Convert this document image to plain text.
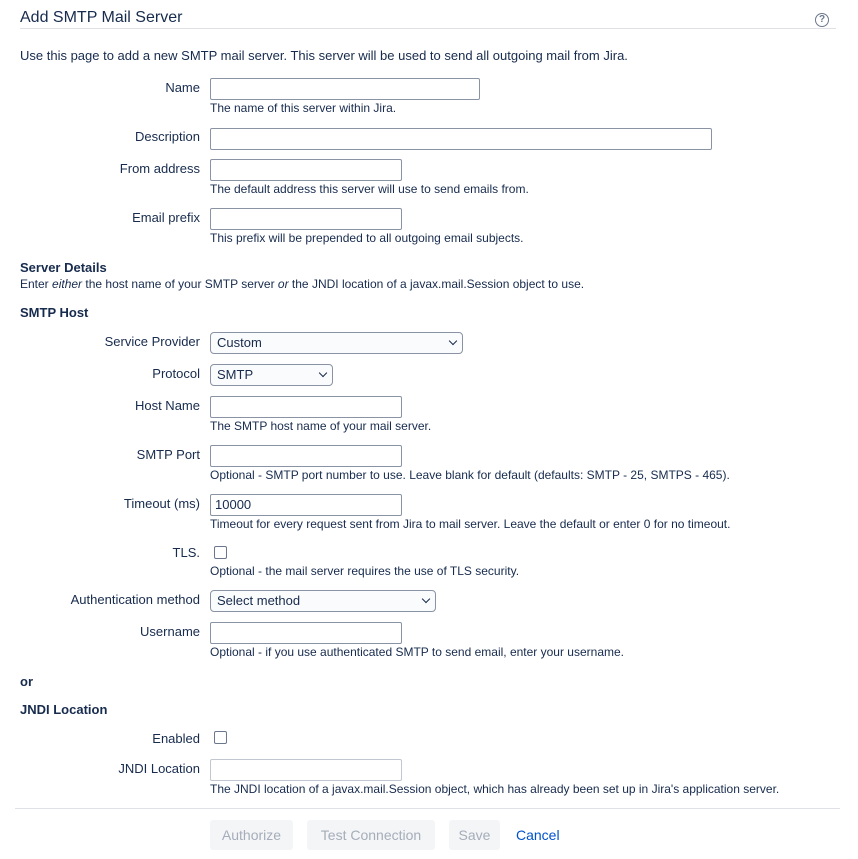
Add SMTP Mail Server	?
Use this page to add a new SMTP mail server. This server will be used to send all outgoing mail from Jira.
Name
The name of this server within Jira.
Description
From address
The default address this server will use to send emails from.
Email prefix
This prefix will be prepended to all outgoing email subjects.
Server Details
Enter either the host name of your SMTP server or the JNDI location of a javax.mail.Session object to use.
SMTP Host
Service Provider	Custom
Protocol	SMTP
Host Name
The SMTP host name of your mail server.
SMTP Port
Optional - SMTP port number to use. Leave blank for default (defaults: SMTP - 25, SMTPS - 465).
Timeout (ms)	10000
Timeout for every request sent from Jira to mail server. Leave the default or enter 0 for no timeout.
TLS.
Optional - the mail server requires the use of TLS security.
Authentication method	Select method
Username
Optional - if you use authenticated SMTP to send email, enter your username.
or
JNDI Location
Enabled
JNDI Location
The JNDI location of a javax.mail.Session object, which has already been set up in Jira's application server.
Authorize	Test Connection	Save	Cancel
